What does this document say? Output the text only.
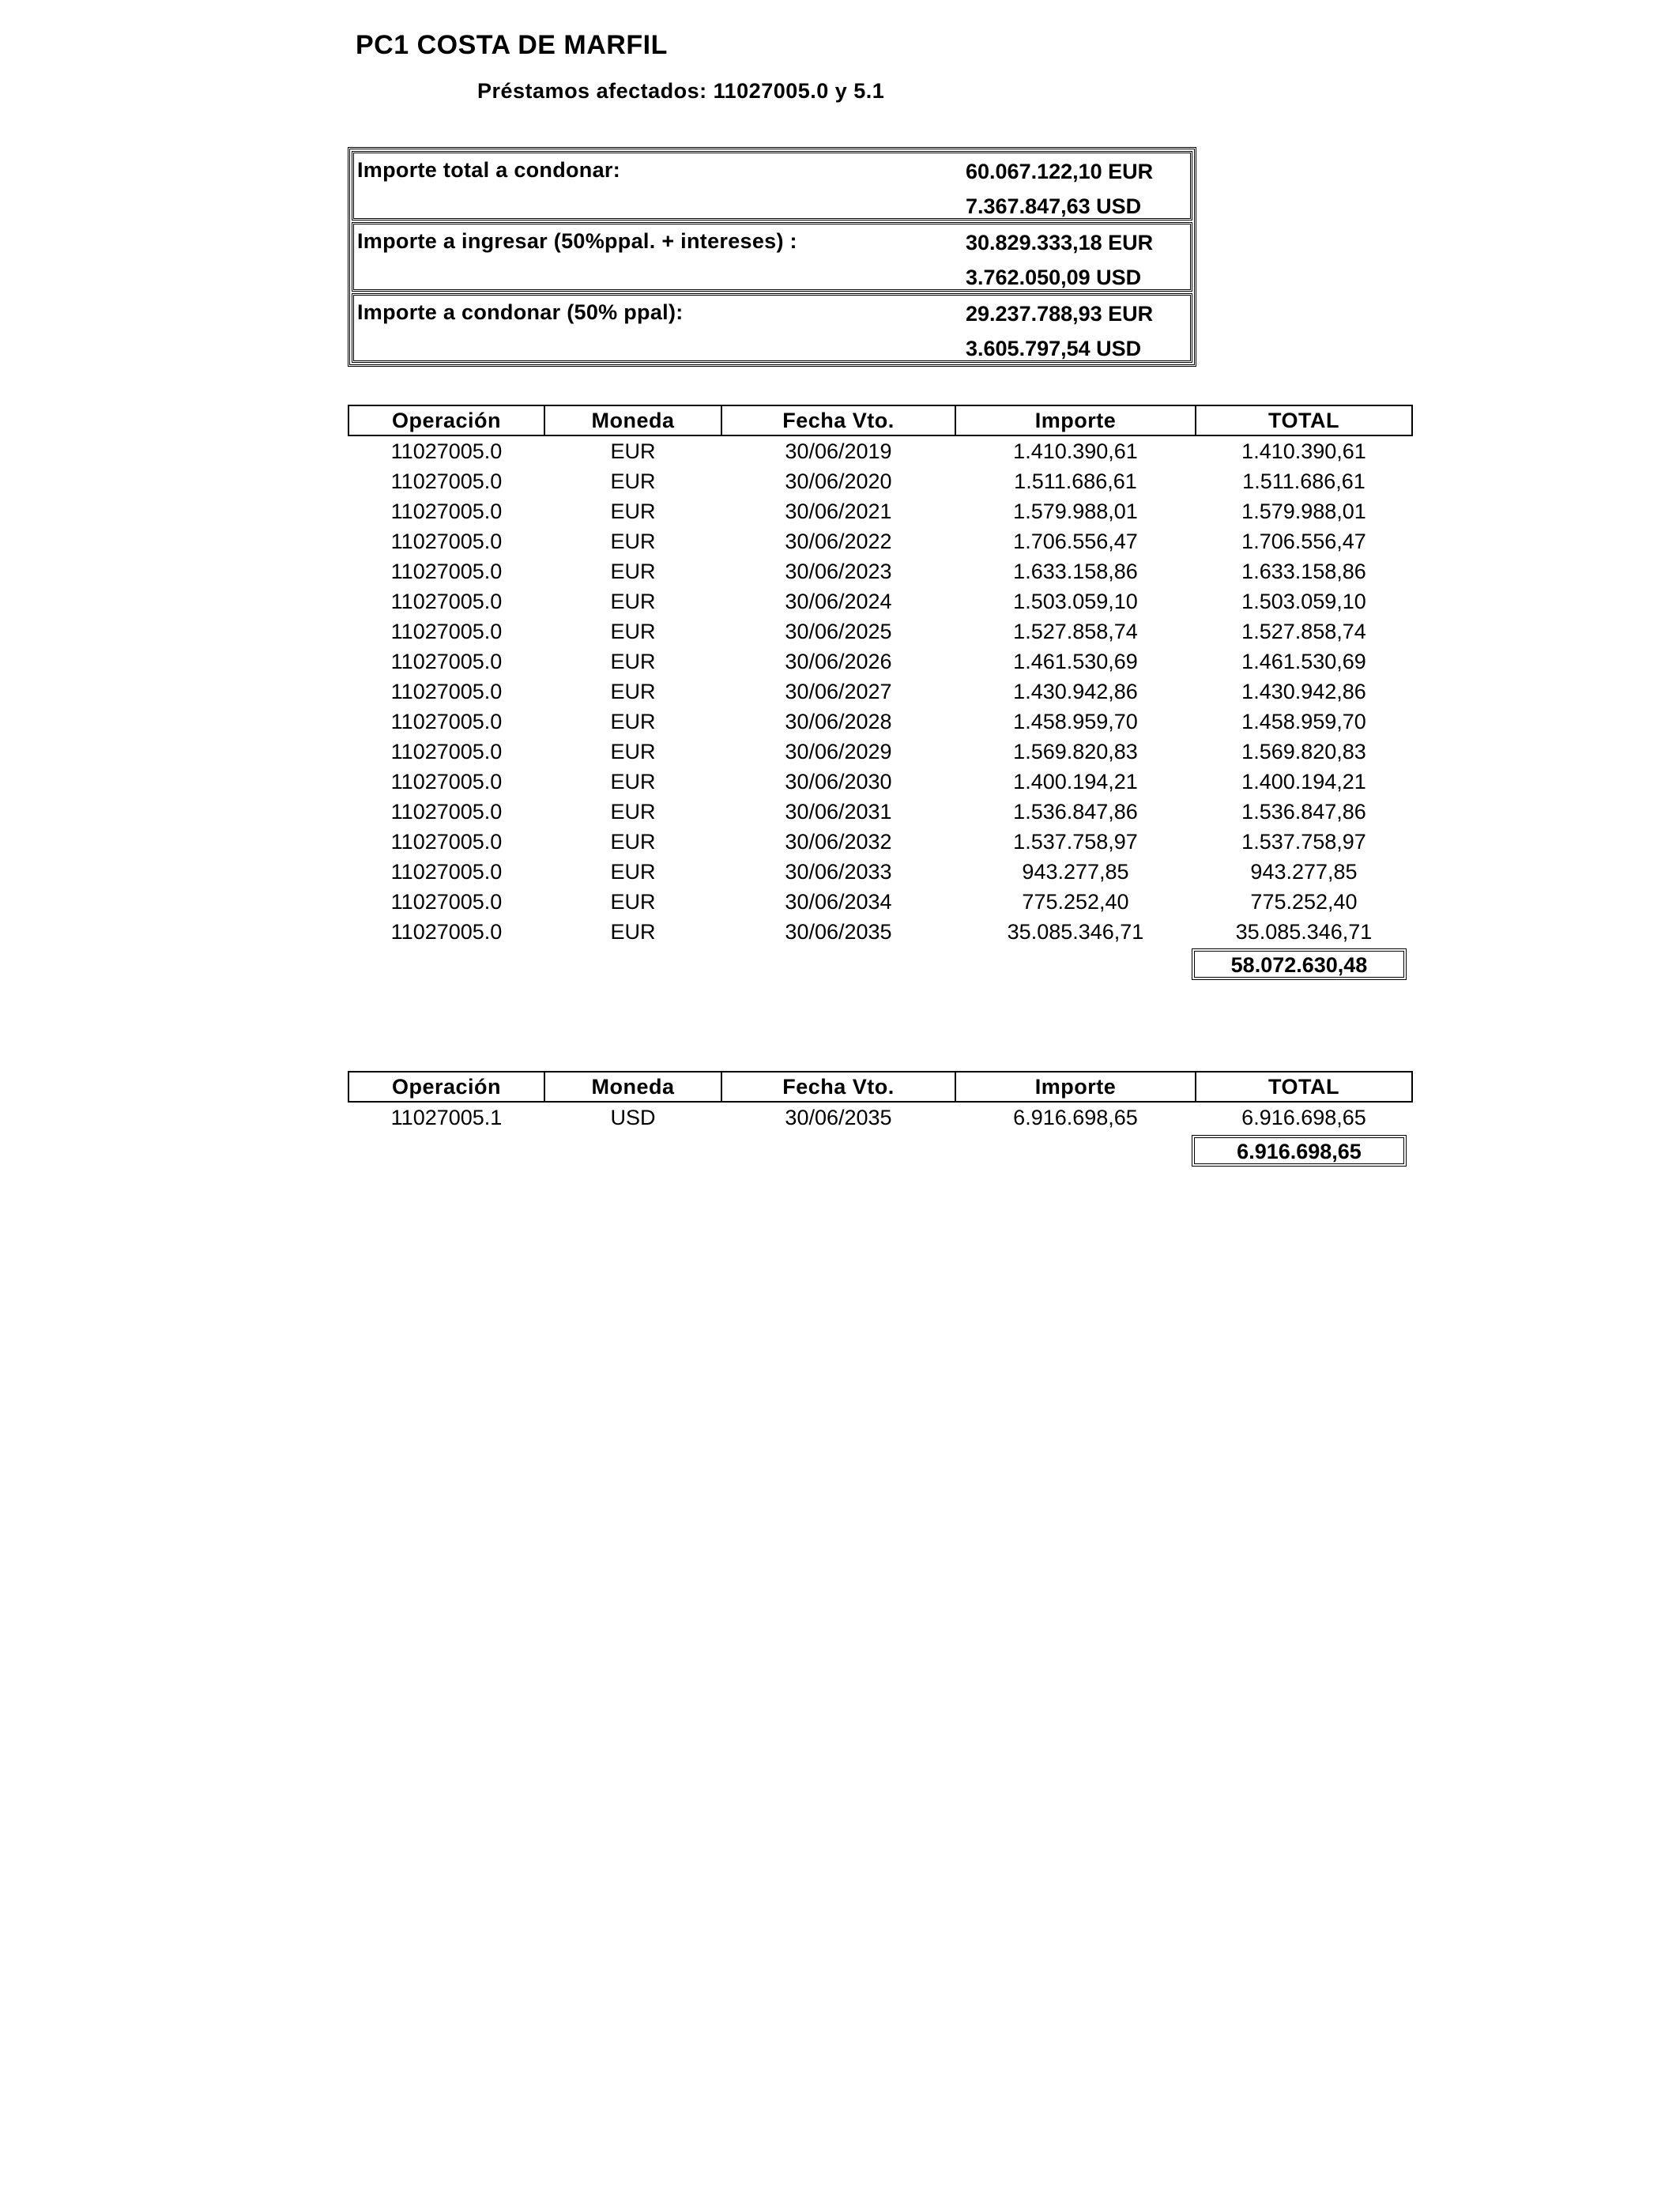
PC1 COSTA DE MARFIL
Préstamos afectados: 11027005.0 y 5.1
Importe total a condonar:	60.067.122,10 EUR
7.367.847,63 USD
Importe a ingresar (50%ppal. + intereses) :	30.829.333,18 EUR
3.762.050,09 USD
Importe a condonar (50% ppal):	29.237.788,93 EUR
3.605.797,54 USD
Operación	Moneda	Fecha Vto.	Importe	TOTAL
11027005.0	EUR	30/06/2019	1.410.390,61	1.410.390,61
11027005.0	EUR	30/06/2020	1.511.686,61	1.511.686,61
11027005.0	EUR	30/06/2021	1.579.988,01	1.579.988,01
11027005.0	EUR	30/06/2022	1.706.556,47	1.706.556,47
11027005.0	EUR	30/06/2023	1.633.158,86	1.633.158,86
11027005.0	EUR	30/06/2024	1.503.059,10	1.503.059,10
11027005.0	EUR	30/06/2025	1.527.858,74	1.527.858,74
11027005.0	EUR	30/06/2026	1.461.530,69	1.461.530,69
11027005.0	EUR	30/06/2027	1.430.942,86	1.430.942,86
11027005.0	EUR	30/06/2028	1.458.959,70	1.458.959,70
11027005.0	EUR	30/06/2029	1.569.820,83	1.569.820,83
11027005.0	EUR	30/06/2030	1.400.194,21	1.400.194,21
11027005.0	EUR	30/06/2031	1.536.847,86	1.536.847,86
11027005.0	EUR	30/06/2032	1.537.758,97	1.537.758,97
11027005.0	EUR	30/06/2033	943.277,85	943.277,85
11027005.0	EUR	30/06/2034	775.252,40	775.252,40
11027005.0	EUR	30/06/2035	35.085.346,71	35.085.346,71
58.072.630,48
Operación	Moneda	Fecha Vto.	Importe	TOTAL
11027005.1	USD	30/06/2035	6.916.698,65	6.916.698,65
6.916.698,65
